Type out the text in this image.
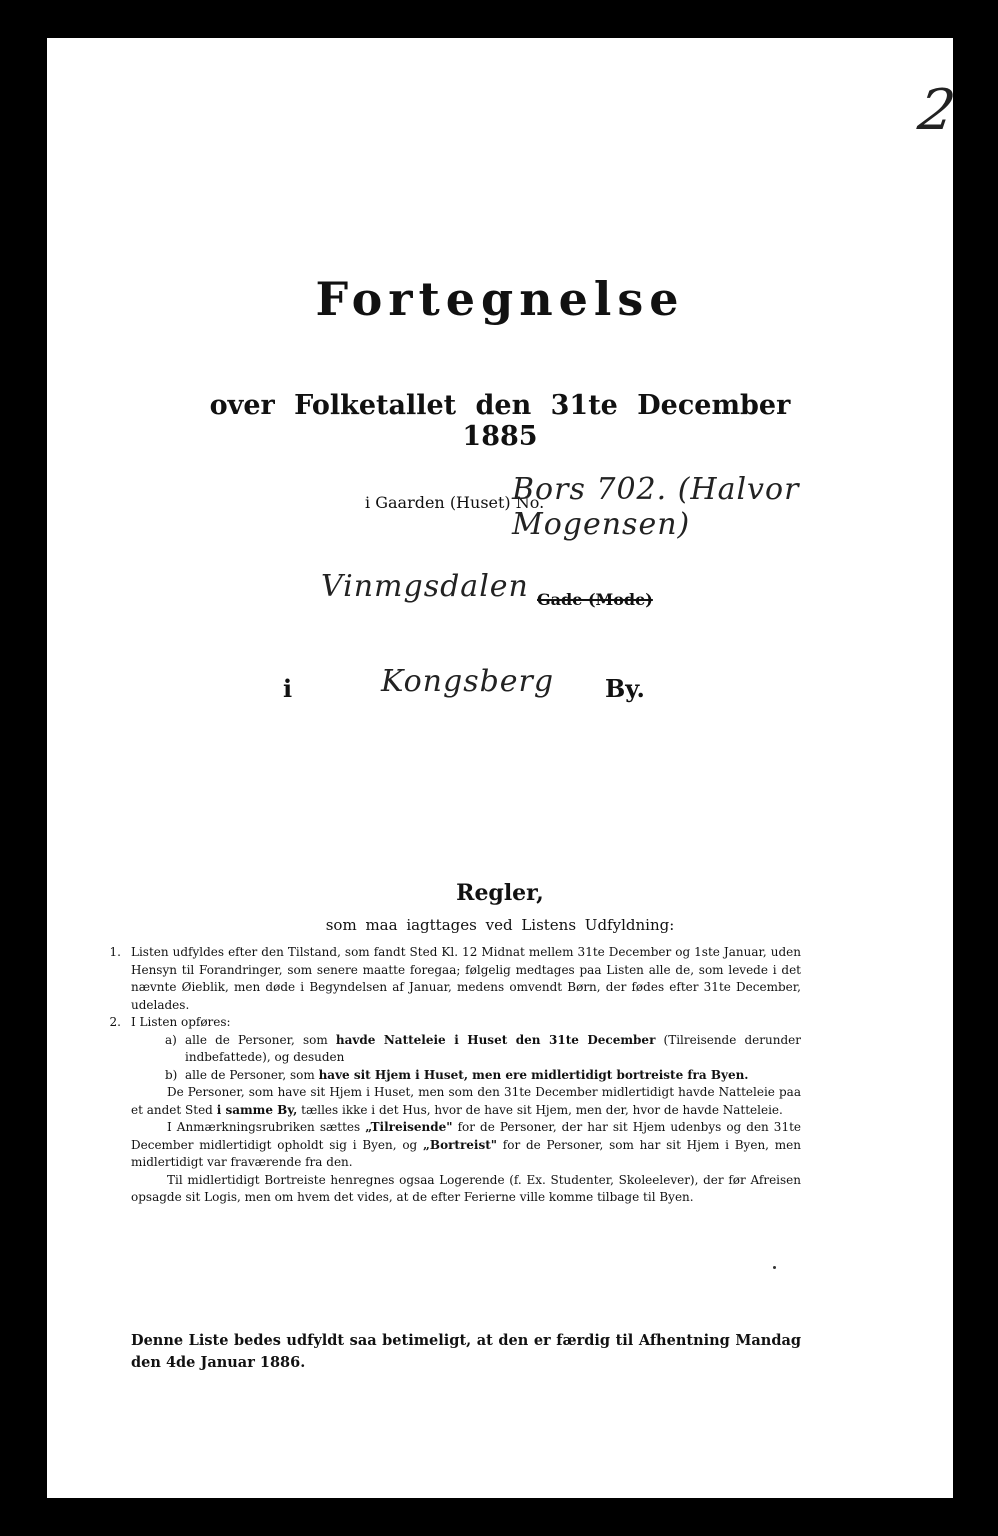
2
Fortegnelse
over Folketallet den 31te December 1885
i Gaarden (Huset) No.
Bors 702. (Halvor Mogensen)
Vinmgsdalen Gade (Mode)
i	Kongsberg By.
Regler,
som maa iagttages ved Listens Udfyldning:
1. Listen udfyldes efter den Tilstand, som fandt Sted Kl. 12 Midnat mellem 31te December og 1ste Januar, uden Hensyn til Forandringer, som senere maatte foregaa; følgelig medtages paa Listen alle de, som levede i det nævnte Øieblik, men døde i Begyndelsen af Januar, medens omvendt Børn, der fødes efter 31te December, udelades.
2. I Listen opføres:
a) alle de Personer, som havde Natteleie i Huset den 31te December (Tilreisende derunder indbefattede), og desuden
b) alle de Personer, som have sit Hjem i Huset, men ere midlertidigt bortreiste fra Byen.
De Personer, som have sit Hjem i Huset, men som den 31te December midlertidigt havde Natteleie paa et andet Sted i samme By, tælles ikke i det Hus, hvor de have sit Hjem, men der, hvor de havde Natteleie.
I Anmærkningsrubriken sættes „Tilreisende" for de Personer, der har sit Hjem udenbys og den 31te December midlertidigt opholdt sig i Byen, og „Bortreist" for de Personer, som har sit Hjem i Byen, men midlertidigt var fraværende fra den.
Til midlertidigt Bortreiste henregnes ogsaa Logerende (f. Ex. Studenter, Skoleelever), der før Afreisen opsagde sit Logis, men om hvem det vides, at de efter Ferierne ville komme tilbage til Byen.
Denne Liste bedes udfyldt saa betimeligt, at den er færdig til Afhentning Mandag den 4de Januar 1886.
